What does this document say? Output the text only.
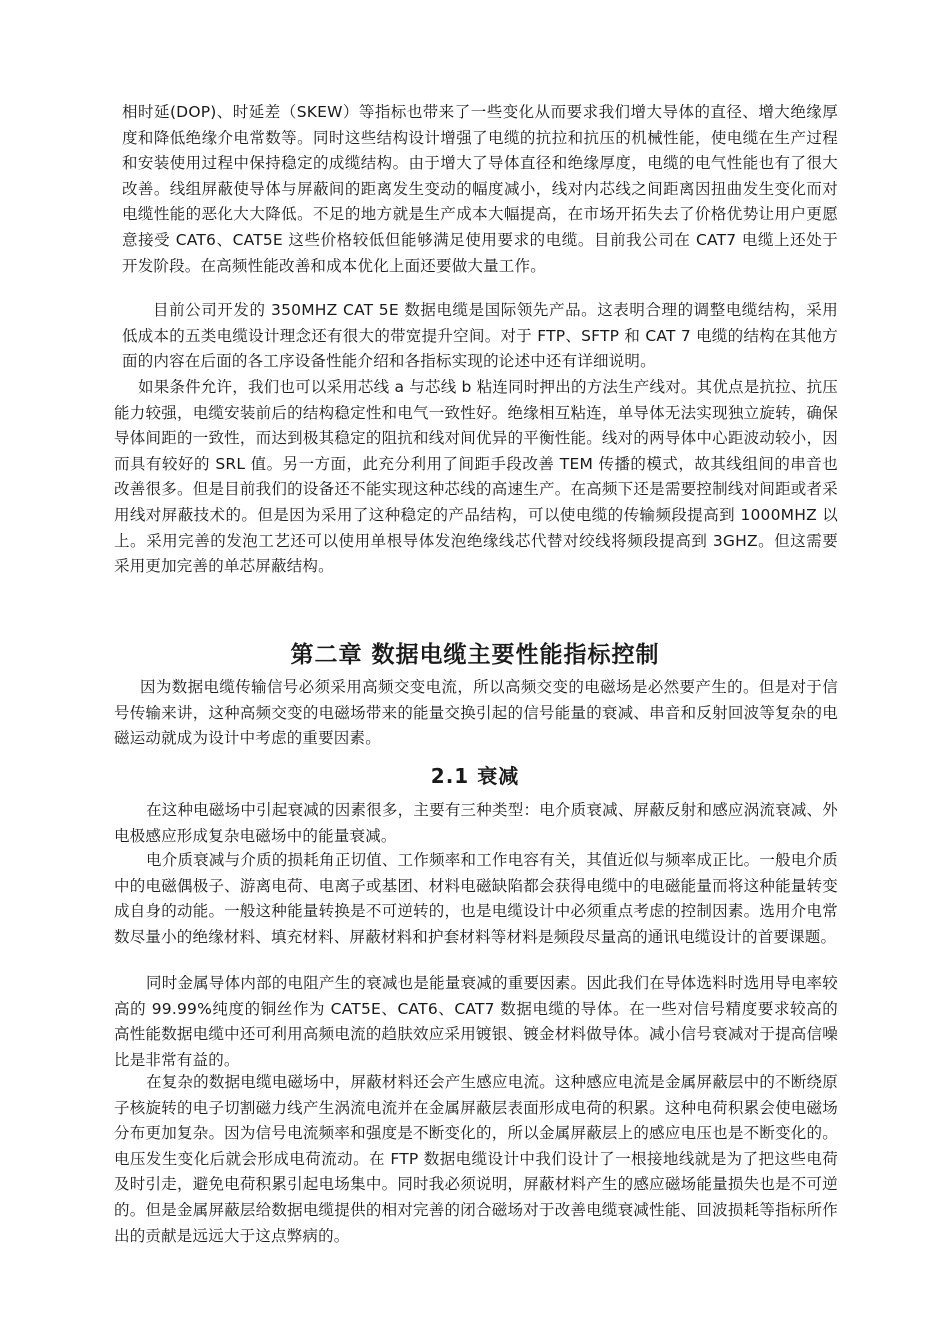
相时延(DOP)、时延差（SKEW）等指标也带来了一些变化从而要求我们增大导体的直径、增大绝缘厚度和降低绝缘介电常数等。同时这些结构设计增强了电缆的抗拉和抗压的机械性能，使电缆在生产过程和安装使用过程中保持稳定的成缆结构。由于增大了导体直径和绝缘厚度，电缆的电气性能也有了很大改善。线组屏蔽使导体与屏蔽间的距离发生变动的幅度减小，线对内芯线之间距离因扭曲发生变化而对电缆性能的恶化大大降低。不足的地方就是生产成本大幅提高，在市场开拓失去了价格优势让用户更愿意接受 CAT6、CAT5E 这些价格较低但能够满足使用要求的电缆。目前我公司在 CAT7 电缆上还处于开发阶段。在高频性能改善和成本优化上面还要做大量工作。

目前公司开发的 350MHZ CAT 5E 数据电缆是国际领先产品。这表明合理的调整电缆结构，采用低成本的五类电缆设计理念还有很大的带宽提升空间。对于 FTP、SFTP 和 CAT 7 电缆的结构在其他方面的内容在后面的各工序设备性能介绍和各指标实现的论述中还有详细说明。

如果条件允许，我们也可以采用芯线 a 与芯线 b 粘连同时押出的方法生产线对。其优点是抗拉、抗压能力较强，电缆安装前后的结构稳定性和电气一致性好。绝缘相互粘连，单导体无法实现独立旋转，确保导体间距的一致性，而达到极其稳定的阻抗和线对间优异的平衡性能。线对的两导体中心距波动较小，因而具有较好的 SRL 值。另一方面，此充分利用了间距手段改善 TEM 传播的模式，故其线组间的串音也改善很多。但是目前我们的设备还不能实现这种芯线的高速生产。在高频下还是需要控制线对间距或者采用线对屏蔽技术的。但是因为采用了这种稳定的产品结构，可以使电缆的传输频段提高到 1000MHZ 以上。采用完善的发泡工艺还可以使用单根导体发泡绝缘线芯代替对绞线将频段提高到 3GHZ。但这需要采用更加完善的单芯屏蔽结构。

第二章 数据电缆主要性能指标控制

因为数据电缆传输信号必须采用高频交变电流，所以高频交变的电磁场是必然要产生的。但是对于信号传输来讲，这种高频交变的电磁场带来的能量交换引起的信号能量的衰减、串音和反射回波等复杂的电磁运动就成为设计中考虑的重要因素。

2.1 衰减

在这种电磁场中引起衰减的因素很多，主要有三种类型：电介质衰减、屏蔽反射和感应涡流衰减、外电极感应形成复杂电磁场中的能量衰减。

电介质衰减与介质的损耗角正切值、工作频率和工作电容有关，其值近似与频率成正比。一般电介质中的电磁偶极子、游离电荷、电离子或基团、材料电磁缺陷都会获得电缆中的电磁能量而将这种能量转变成自身的动能。一般这种能量转换是不可逆转的，也是电缆设计中必须重点考虑的控制因素。选用介电常数尽量小的绝缘材料、填充材料、屏蔽材料和护套材料等材料是频段尽量高的通讯电缆设计的首要课题。

同时金属导体内部的电阻产生的衰减也是能量衰减的重要因素。因此我们在导体选料时选用导电率较高的 99.99%纯度的铜丝作为 CAT5E、CAT6、CAT7 数据电缆的导体。在一些对信号精度要求较高的高性能数据电缆中还可利用高频电流的趋肤效应采用镀银、镀金材料做导体。减小信号衰减对于提高信噪比是非常有益的。

在复杂的数据电缆电磁场中，屏蔽材料还会产生感应电流。这种感应电流是金属屏蔽层中的不断绕原子核旋转的电子切割磁力线产生涡流电流并在金属屏蔽层表面形成电荷的积累。这种电荷积累会使电磁场分布更加复杂。因为信号电流频率和强度是不断变化的，所以金属屏蔽层上的感应电压也是不断变化的。电压发生变化后就会形成电荷流动。在 FTP 数据电缆设计中我们设计了一根接地线就是为了把这些电荷及时引走，避免电荷积累引起电场集中。同时我必须说明，屏蔽材料产生的感应磁场能量损失也是不可逆的。但是金属屏蔽层给数据电缆提供的相对完善的闭合磁场对于改善电缆衰减性能、回波损耗等指标所作出的贡献是远远大于这点弊病的。
